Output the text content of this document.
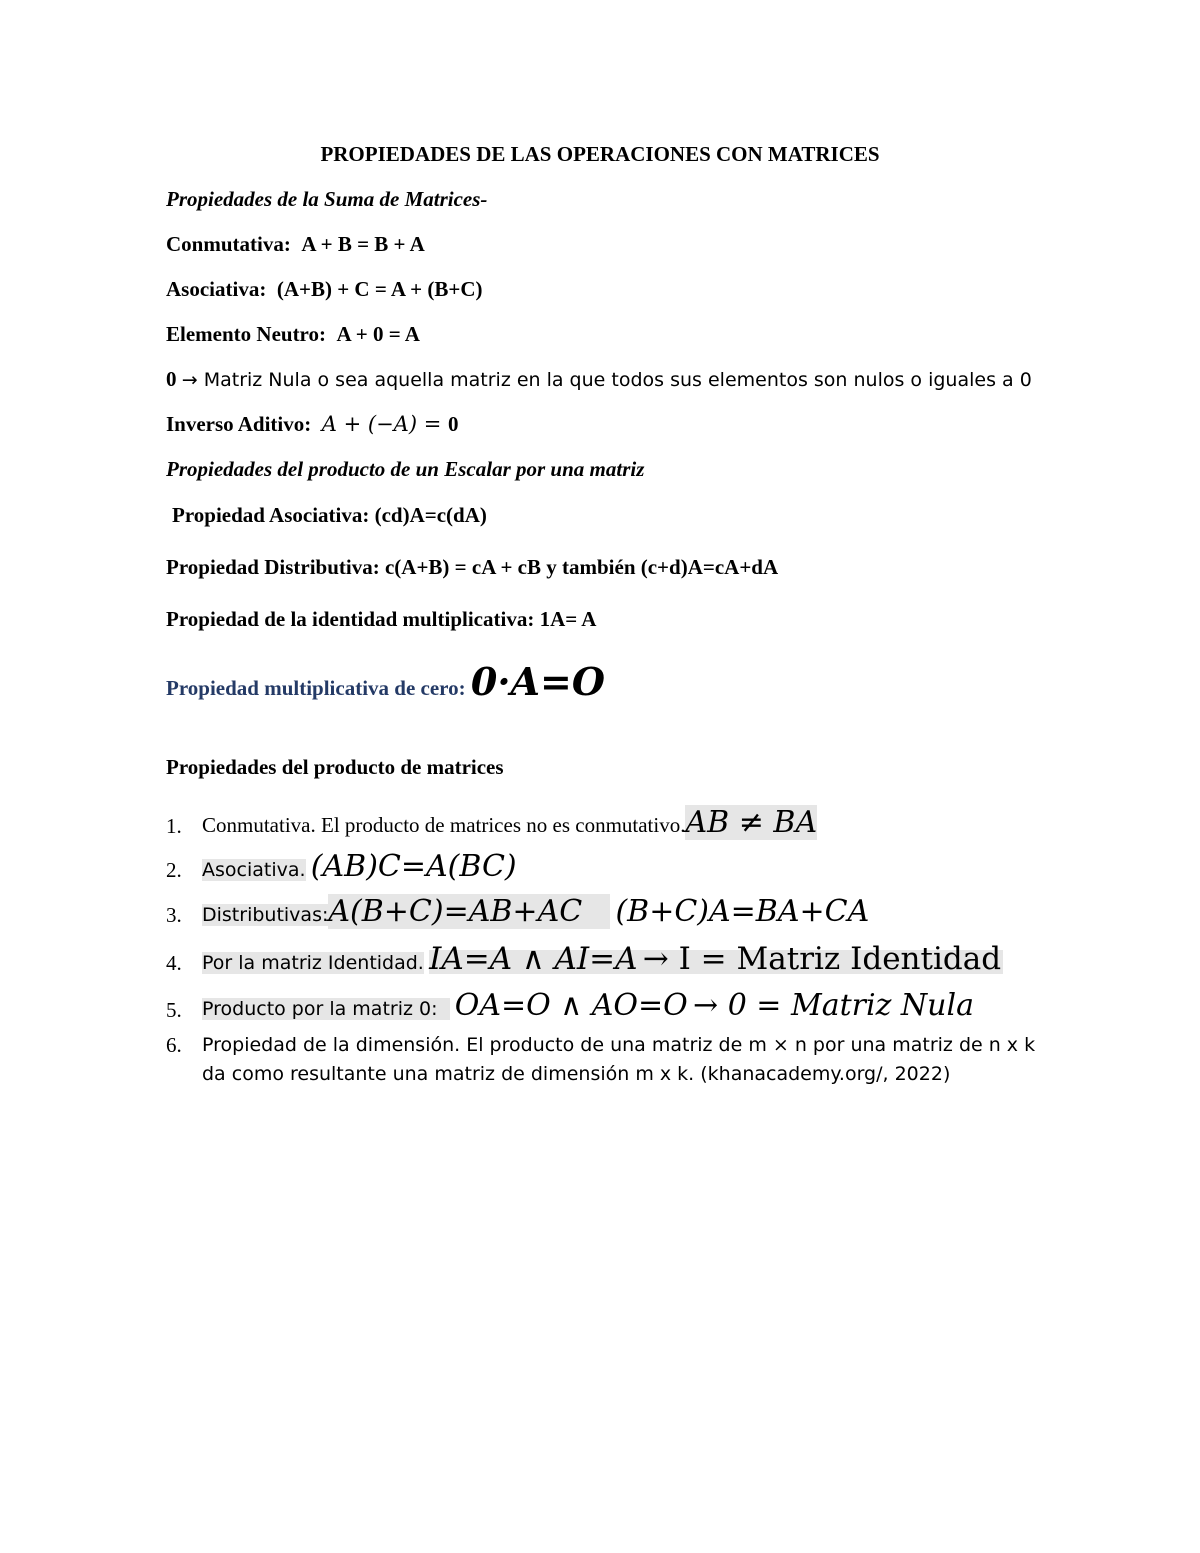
PROPIEDADES DE LAS OPERACIONES CON MATRICES
Propiedades de la Suma de Matrices-
Conmutativa: A + B = B + A
Asociativa: (A+B) + C = A + (B+C)
Elemento Neutro: A + 0 = A
0 → Matriz Nula o sea aquella matriz en la que todos sus elementos son nulos o iguales a 0
Inverso Aditivo: A + (−A) = 0
Propiedades del producto de un Escalar por una matriz
Propiedad Asociativa: (cd)A=c(dA)
Propiedad Distributiva: c(A+B) = cA + cB y también (c+d)A=cA+dA
Propiedad de la identidad multiplicativa: 1A= A
Propiedad multiplicativa de cero: 0·A=O
Propiedades del producto de matrices
1. Conmutativa. El producto de matrices no es conmutativo.AB ≠ BA
2.	Asociativa. (AB)C=A(BC)
3.	Distributivas:A(B+C)=AB+AC (B+C)A=BA+CA
4.	Por la matriz Identidad. IA=A ∧ AI=A → I = Matriz Identidad
5.	Producto por la matriz 0: OA=O ∧ AO=O → 0 = Matriz Nula
6.	Propiedad de la dimensión. El producto de una matriz de m × n por una matriz de n x k
da como resultante una matriz de dimensión m x k. (khanacademy.org/, 2022)
